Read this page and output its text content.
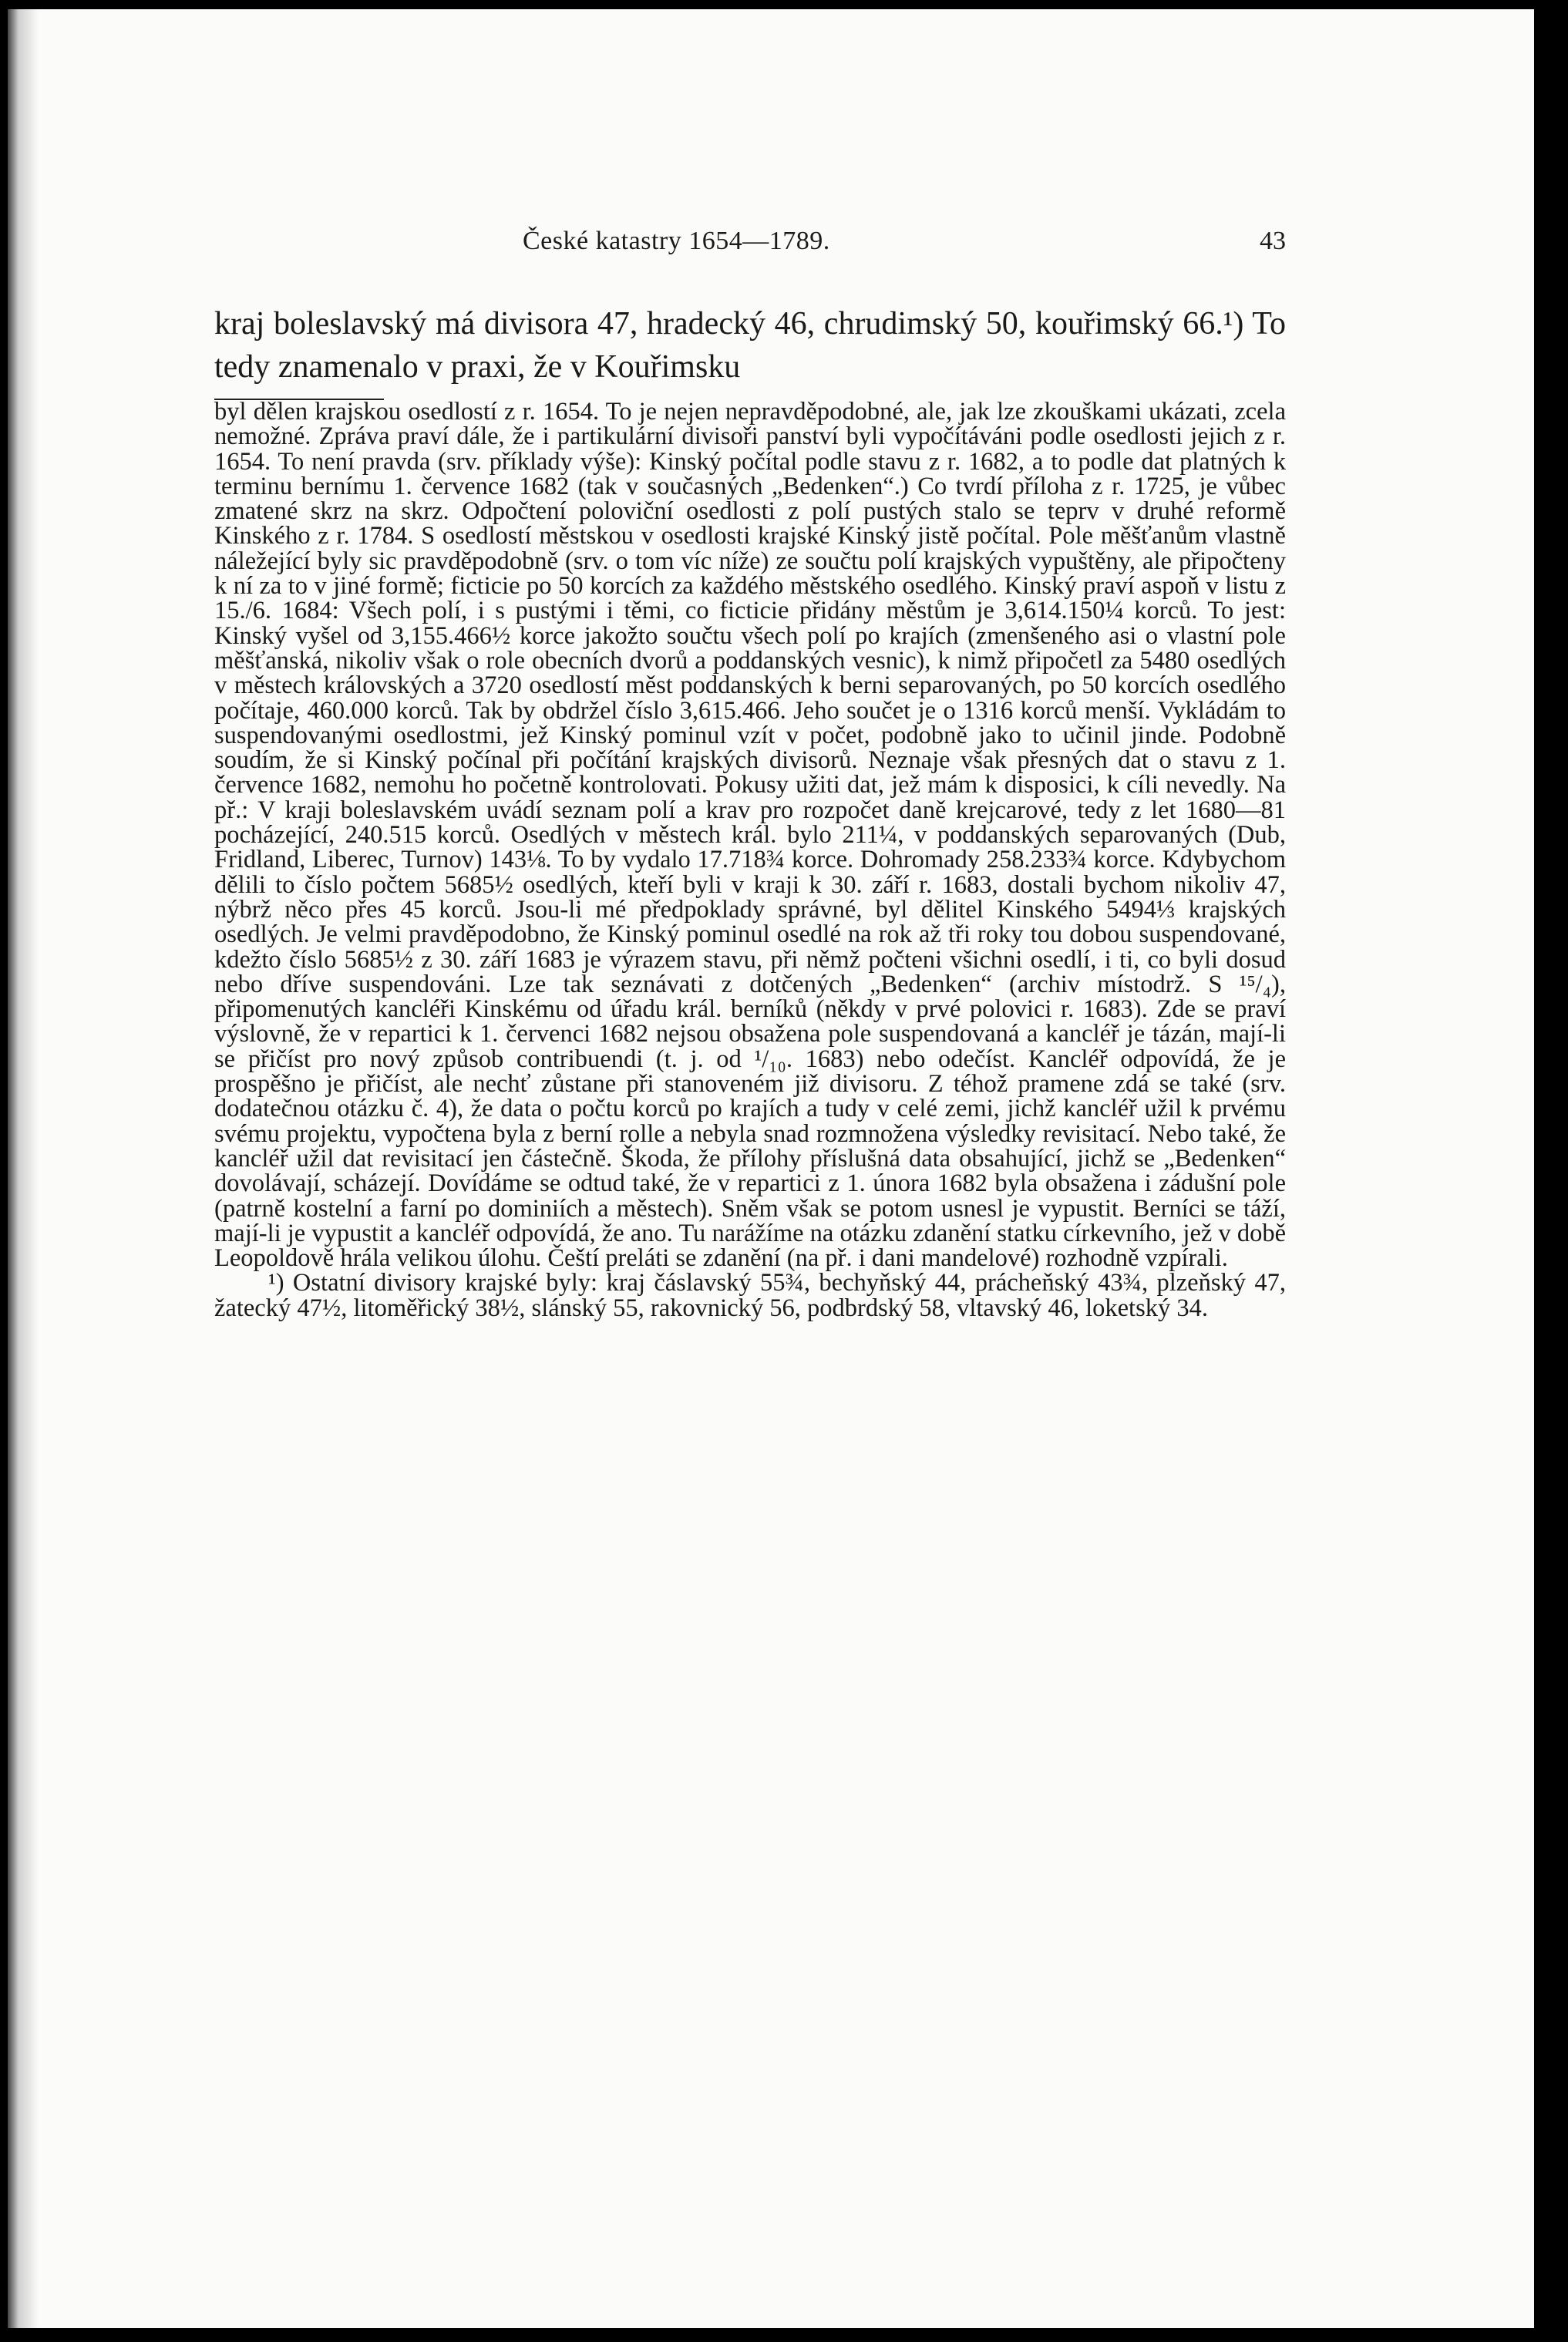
České katastry 1654—1789.	43

kraj boleslavský má divisora 47, hradecký 46, chrudimský 50, kouřimský 66.¹) To tedy znamenalo v praxi, že v Kouřimsku

byl dělen krajskou osedlostí z r. 1654. To je nejen nepravděpodobné, ale, jak lze zkouškami ukázati, zcela nemožné. Zpráva praví dále, že i partikulární divisoři panství byli vypočítáváni podle osedlosti jejich z r. 1654. To není pravda (srv. příklady výše): Kinský počítal podle stavu z r. 1682, a to podle dat platných k terminu bernímu 1. července 1682 (tak v současných „Bedenken“.) Co tvrdí příloha z r. 1725, je vůbec zmatené skrz na skrz. Odpočtení poloviční osedlosti z polí pustých stalo se teprv v druhé reformě Kinského z r. 1784. S osedlostí městskou v osedlosti krajské Kinský jistě počítal. Pole měšťanům vlastně náležející byly sic pravděpodobně (srv. o tom víc níže) ze součtu polí krajských vypuštěny, ale připočteny k ní za to v jiné formě; ficticie po 50 korcích za každého městského osedlého. Kinský praví aspoň v listu z 15./6. 1684: Všech polí, i s pustými i těmi, co ficticie přidány městům je 3,614.150¼ korců. To jest: Kinský vyšel od 3,155.466½ korce jakožto součtu všech polí po krajích (zmenšeného asi o vlastní pole měšťanská, nikoliv však o role obecních dvorů a poddanských vesnic), k nimž připočetl za 5480 osedlých v městech královských a 3720 osedlostí měst poddanských k berni separovaných, po 50 korcích osedlého počítaje, 460.000 korců. Tak by obdržel číslo 3,615.466. Jeho součet je o 1316 korců menší. Vykládám to suspendovanými osedlostmi, jež Kinský pominul vzít v počet, podobně jako to učinil jinde. Podobně soudím, že si Kinský počínal při počítání krajských divisorů. Neznaje však přesných dat o stavu z 1. července 1682, nemohu ho početně kontrolovati. Pokusy užiti dat, jež mám k disposici, k cíli nevedly. Na př.: V kraji boleslavském uvádí seznam polí a krav pro rozpočet daně krejcarové, tedy z let 1680—81 pocházející, 240.515 korců. Osedlých v městech král. bylo 211¼, v poddanských separovaných (Dub, Fridland, Liberec, Turnov) 143⅛. To by vydalo 17.718¾ korce. Dohromady 258.233¾ korce. Kdybychom dělili to číslo počtem 5685½ osedlých, kteří byli v kraji k 30. září r. 1683, dostali bychom nikoliv 47, nýbrž něco přes 45 korců. Jsou-li mé předpoklady správné, byl dělitel Kinského 5494⅓ krajských osedlých. Je velmi pravděpodobno, že Kinský pominul osedlé na rok až tři roky tou dobou suspendované, kdežto číslo 5685½ z 30. září 1683 je výrazem stavu, při němž počteni všichni osedlí, i ti, co byli dosud nebo dříve suspendováni. Lze tak seznávati z dotčených „Bedenken“ (archiv místodrž. S ¹⁵/₄), připomenutých kancléři Kinskému od úřadu král. berníků (někdy v prvé polovici r. 1683). Zde se praví výslovně, že v repartici k 1. červenci 1682 nejsou obsažena pole suspendovaná a kancléř je tázán, mají-li se přičíst pro nový způsob contribuendi (t. j. od ¹/₁₀. 1683) nebo odečíst. Kancléř odpovídá, že je prospěšno je přičíst, ale nechť zůstane při stanoveném již divisoru. Z téhož pramene zdá se také (srv. dodatečnou otázku č. 4), že data o počtu korců po krajích a tudy v celé zemi, jichž kancléř užil k prvému svému projektu, vypočtena byla z berní rolle a nebyla snad rozmnožena výsledky revisitací. Nebo také, že kancléř užil dat revisitací jen částečně. Škoda, že přílohy příslušná data obsahující, jichž se „Bedenken“ dovolávají, scházejí. Dovídáme se odtud také, že v repartici z 1. února 1682 byla obsažena i zádušní pole (patrně kostelní a farní po dominiích a městech). Sněm však se potom usnesl je vypustit. Berníci se táží, mají-li je vypustit a kancléř odpovídá, že ano. Tu narážíme na otázku zdanění statku církevního, jež v době Leopoldově hrála velikou úlohu. Čeští preláti se zdanění (na př. i dani mandelové) rozhodně vzpírali.

¹) Ostatní divisory krajské byly: kraj čáslavský 55¾, bechyňský 44, prácheňský 43¾, plzeňský 47, žatecký 47½, litoměřický 38½, slánský 55, rakovnický 56, podbrdský 58, vltavský 46, loketský 34.
